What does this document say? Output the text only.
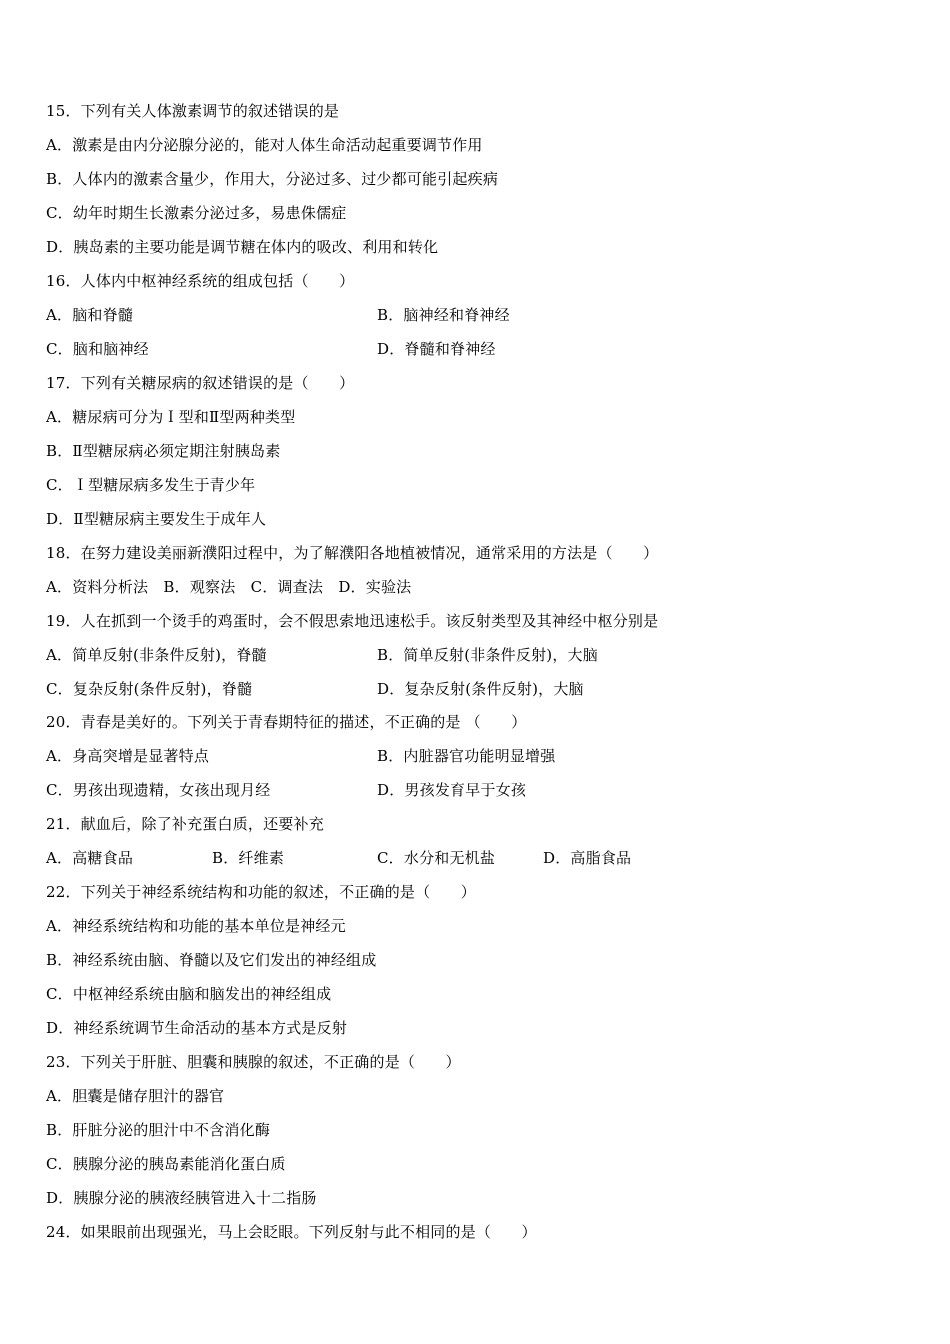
15．下列有关人体激素调节的叙述错误的是
A．激素是由内分泌腺分泌的，能对人体生命活动起重要调节作用
B．人体内的激素含量少，作用大，分泌过多、过少都可能引起疾病
C．幼年时期生长激素分泌过多，易患侏儒症
D．胰岛素的主要功能是调节糖在体内的吸改、利用和转化
16．人体内中枢神经系统的组成包括（　　）
A．脑和脊髓	B．脑神经和脊神经
C．脑和脑神经	D．脊髓和脊神经
17．下列有关糖尿病的叙述错误的是（　　）
A．糖尿病可分为Ｉ型和Ⅱ型两种类型
B．Ⅱ型糖尿病必须定期注射胰岛素
C．Ｉ型糖尿病多发生于青少年
D．Ⅱ型糖尿病主要发生于成年人
18．在努力建设美丽新濮阳过程中，为了解濮阳各地植被情况，通常采用的方法是（　　）
A．资料分析法　B．观察法　C．调查法　D．实验法
19．人在抓到一个烫手的鸡蛋时，会不假思索地迅速松手。该反射类型及其神经中枢分别是
A．简单反射(非条件反射)，脊髓	B．简单反射(非条件反射)，大脑
C．复杂反射(条件反射)，脊髓	D．复杂反射(条件反射)，大脑
20．青春是美好的。下列关于青春期特征的描述，不正确的是 （　　）
A．身高突增是显著特点	B．内脏器官功能明显增强
C．男孩出现遗精，女孩出现月经	D．男孩发育早于女孩
21．献血后，除了补充蛋白质，还要补充
A．高糖食品	B．纤维素	C．水分和无机盐	D．高脂食品
22．下列关于神经系统结构和功能的叙述，不正确的是（　　）
A．神经系统结构和功能的基本单位是神经元
B．神经系统由脑、脊髓以及它们发出的神经组成
C．中枢神经系统由脑和脑发出的神经组成
D．神经系统调节生命活动的基本方式是反射
23．下列关于肝脏、胆囊和胰腺的叙述，不正确的是（　　）
A．胆囊是储存胆汁的器官
B．肝脏分泌的胆汁中不含消化酶
C．胰腺分泌的胰岛素能消化蛋白质
D．胰腺分泌的胰液经胰管进入十二指肠
24．如果眼前出现强光，马上会眨眼。下列反射与此不相同的是（　　）
